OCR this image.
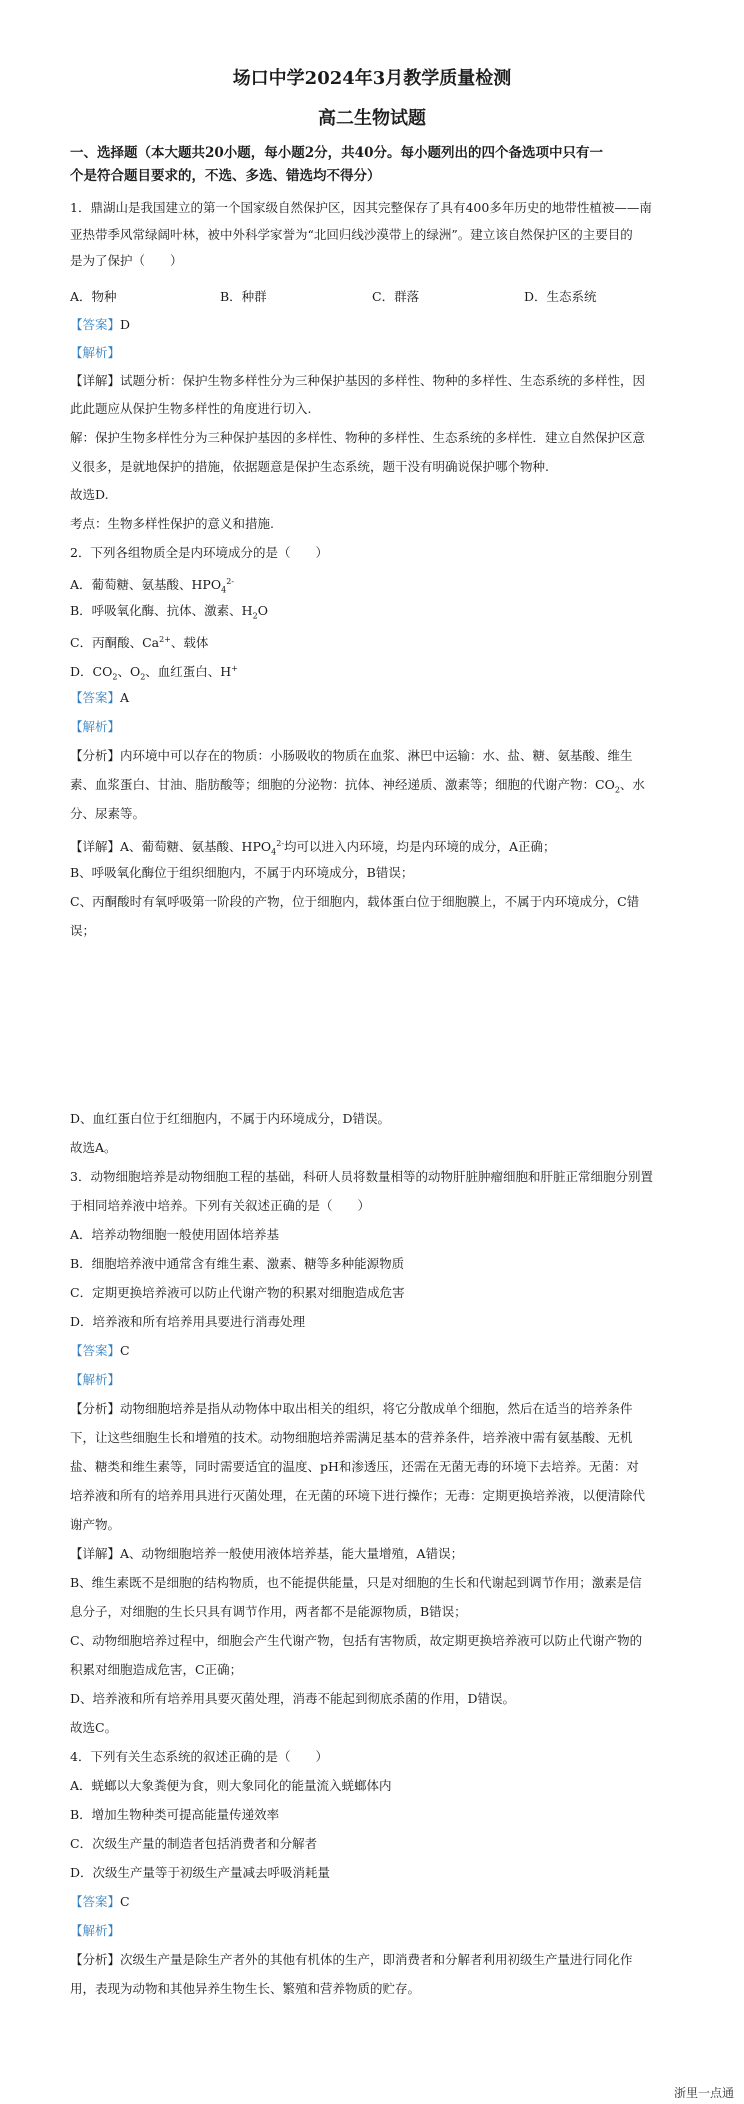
场口中学2024年3月教学质量检测
高二生物试题
一、选择题（本大题共20小题，每小题2分，共40分。每小题列出的四个备选项中只有一
个是符合题目要求的，不选、多选、错选均不得分）
1．鼎湖山是我国建立的第一个国家级自然保护区，因其完整保存了具有400多年历史的地带性植被——南
亚热带季风常绿阔叶林，被中外科学家誉为“北回归线沙漠带上的绿洲”。建立该自然保护区的主要目的
是为了保护（　　）
A．物种	B．种群	C．群落	D．生态系统
【答案】D
【解析】
【详解】试题分析：保护生物多样性分为三种保护基因的多样性、物种的多样性、生态系统的多样性，因
此此题应从保护生物多样性的角度进行切入.
解：保护生物多样性分为三种保护基因的多样性、物种的多样性、生态系统的多样性．建立自然保护区意
义很多，是就地保护的措施，依据题意是保护生态系统，题干没有明确说保护哪个物种.
故选D.
考点：生物多样性保护的意义和措施.
2．下列各组物质全是内环境成分的是（　　）
A．葡萄糖、氨基酸、$HPO_4^{2-}$
B．呼吸氧化酶、抗体、激素、$H_2O$
C．丙酮酸、$Ca^{2+}$、载体
D．$CO_2$、$O_2$、血红蛋白、H+
【答案】A
【解析】
【分析】内环境中可以存在的物质：小肠吸收的物质在血浆、淋巴中运输：水、盐、糖、氨基酸、维生
素、血浆蛋白、甘油、脂肪酸等；细胞的分泌物：抗体、神经递质、激素等；细胞的代谢产物：$CO_2$、水
分、尿素等。
【详解】A、葡萄糖、氨基酸、$HPO_4^{2-}$均可以进入内环境，均是内环境的成分，A正确；
B、呼吸氧化酶位于组织细胞内，不属于内环境成分，B错误；
C、丙酮酸时有氧呼吸第一阶段的产物，位于细胞内，载体蛋白位于细胞膜上，不属于内环境成分，C错
误；
D、血红蛋白位于红细胞内，不属于内环境成分，D错误。
故选A。
3．动物细胞培养是动物细胞工程的基础，科研人员将数量相等的动物肝脏肿瘤细胞和肝脏正常细胞分别置
于相同培养液中培养。下列有关叙述正确的是（　　）
A．培养动物细胞一般使用固体培养基
B．细胞培养液中通常含有维生素、激素、糖等多种能源物质
C．定期更换培养液可以防止代谢产物的积累对细胞造成危害
D．培养液和所有培养用具要进行消毒处理
【答案】C
【解析】
【分析】动物细胞培养是指从动物体中取出相关的组织，将它分散成单个细胞，然后在适当的培养条件
下，让这些细胞生长和增殖的技术。动物细胞培养需满足基本的营养条件，培养液中需有氨基酸、无机
盐、糖类和维生素等，同时需要适宜的温度、pH和渗透压，还需在无菌无毒的环境下去培养。无菌：对
培养液和所有的培养用具进行灭菌处理，在无菌的环境下进行操作；无毒：定期更换培养液，以便清除代
谢产物。
【详解】A、动物细胞培养一般使用液体培养基，能大量增殖，A错误；
B、维生素既不是细胞的结构物质，也不能提供能量，只是对细胞的生长和代谢起到调节作用；激素是信
息分子，对细胞的生长只具有调节作用，两者都不是能源物质，B错误；
C、动物细胞培养过程中，细胞会产生代谢产物，包括有害物质，故定期更换培养液可以防止代谢产物的
积累对细胞造成危害，C正确；
D、培养液和所有培养用具要灭菌处理，消毒不能起到彻底杀菌的作用，D错误。
故选C。
4．下列有关生态系统的叙述正确的是（　　）
A．蜣螂以大象粪便为食，则大象同化的能量流入蜣螂体内
B．增加生物种类可提高能量传递效率
C．次级生产量的制造者包括消费者和分解者
D．次级生产量等于初级生产量减去呼吸消耗量
【答案】C
【解析】
【分析】次级生产量是除生产者外的其他有机体的生产，即消费者和分解者利用初级生产量进行同化作
用，表现为动物和其他异养生物生长、繁殖和营养物质的贮存。
浙里一点通
